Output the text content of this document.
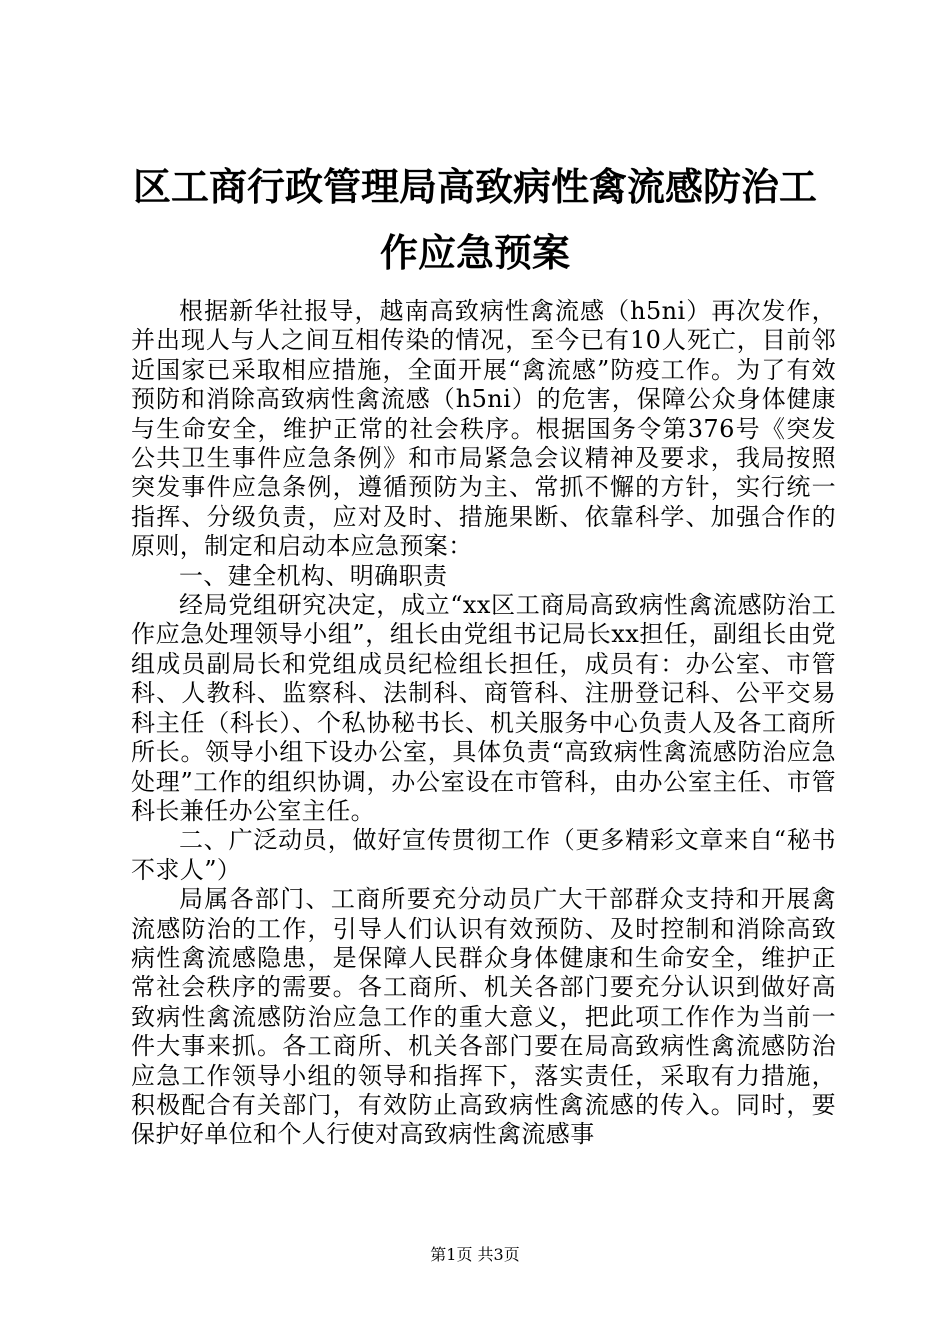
区工商行政管理局高致病性禽流感防治工作应急预案

根据新华社报导，越南高致病性禽流感（h5ni）再次发作，并出现人与人之间互相传染的情况，至今已有10人死亡，目前邻近国家已采取相应措施，全面开展“禽流感”防疫工作。为了有效预防和消除高致病性禽流感（h5ni）的危害，保障公众身体健康与生命安全，维护正常的社会秩序。根据国务令第376号《突发公共卫生事件应急条例》和市局紧急会议精神及要求，我局按照突发事件应急条例，遵循预防为主、常抓不懈的方针，实行统一指挥、分级负责，应对及时、措施果断、依靠科学、加强合作的原则，制定和启动本应急预案：

一、建全机构、明确职责

经局党组研究决定，成立“xx区工商局高致病性禽流感防治工作应急处理领导小组”，组长由党组书记局长xx担任，副组长由党组成员副局长和党组成员纪检组长担任，成员有：办公室、市管科、人教科、监察科、法制科、商管科、注册登记科、公平交易科主任（科长）、个私协秘书长、机关服务中心负责人及各工商所所长。领导小组下设办公室，具体负责“高致病性禽流感防治应急处理”工作的组织协调，办公室设在市管科，由办公室主任、市管科长兼任办公室主任。

二、广泛动员，做好宣传贯彻工作（更多精彩文章来自“秘书不求人”）

局属各部门、工商所要充分动员广大干部群众支持和开展禽流感防治的工作，引导人们认识有效预防、及时控制和消除高致病性禽流感隐患，是保障人民群众身体健康和生命安全，维护正常社会秩序的需要。各工商所、机关各部门要充分认识到做好高致病性禽流感防治应急工作的重大意义，把此项工作作为当前一件大事来抓。各工商所、机关各部门要在局高致病性禽流感防治应急工作领导小组的领导和指挥下，落实责任，采取有力措施，积极配合有关部门，有效防止高致病性禽流感的传入。同时，要保护好单位和个人行使对高致病性禽流感事

第1页 共3页
